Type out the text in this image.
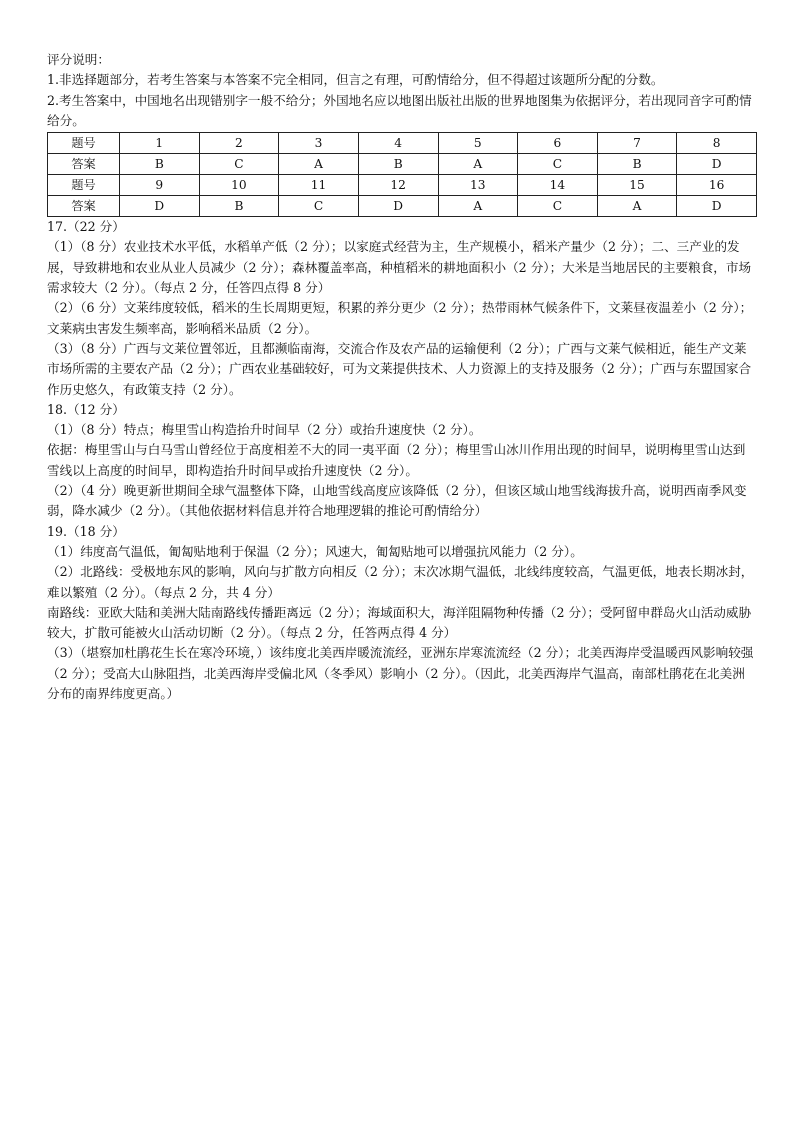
评分说明：
1.非选择题部分，若考生答案与本答案不完全相同，但言之有理，可酌情给分，但不得超过该题所分配的分数。
2.考生答案中，中国地名出现错别字一般不给分；外国地名应以地图出版社出版的世界地图集为依据评分，若出现同音字可酌情给分。
题号	1	2	3	4	5	6	7	8
答案	B	C	A	B	A	C	B	D
题号	9	10	11	12	13	14	15	16
答案	D	B	C	D	A	C	A	D
17.（22 分）
（1）（8 分）农业技术水平低，水稻单产低（2 分）；以家庭式经营为主，生产规模小，稻米产量少（2 分）；二、三产业的发展，导致耕地和农业从业人员减少（2 分）；森林覆盖率高，种植稻米的耕地面积小（2 分）；大米是当地居民的主要粮食，市场需求较大（2 分）。（每点 2 分，任答四点得 8 分）
（2）（6 分）文莱纬度较低，稻米的生长周期更短，积累的养分更少（2 分）；热带雨林气候条件下，文莱昼夜温差小（2 分）；文莱病虫害发生频率高，影响稻米品质（2 分）。
（3）（8 分）广西与文莱位置邻近，且都濒临南海，交流合作及农产品的运输便利（2 分）；广西与文莱气候相近，能生产文莱市场所需的主要农产品（2 分）；广西农业基础较好，可为文莱提供技术、人力资源上的支持及服务（2 分）；广西与东盟国家合作历史悠久，有政策支持（2 分）。
18.（12 分）
（1）（8 分）特点；梅里雪山构造抬升时间早（2 分）或抬升速度快（2 分）。
依据：梅里雪山与白马雪山曾经位于高度相差不大的同一夷平面（2 分）；梅里雪山冰川作用出现的时间早，说明梅里雪山达到雪线以上高度的时间早，即构造抬升时间早或抬升速度快（2 分）。
（2）（4 分）晚更新世期间全球气温整体下降，山地雪线高度应该降低（2 分），但该区域山地雪线海拔升高，说明西南季风变弱，降水减少（2 分）。（其他依据材料信息并符合地理逻辑的推论可酌情给分）
19.（18 分）
（1）纬度高气温低，匍匐贴地利于保温（2 分）；风速大，匍匐贴地可以增强抗风能力（2 分）。
（2）北路线：受极地东风的影响，风向与扩散方向相反（2 分）；末次冰期气温低，北线纬度较高，气温更低，地表长期冰封，难以繁殖（2 分）。（每点 2 分，共 4 分）
南路线：亚欧大陆和美洲大陆南路线传播距离远（2 分）；海域面积大，海洋阻隔物种传播（2 分）；受阿留申群岛火山活动威胁较大，扩散可能被火山活动切断（2 分）。（每点 2 分，任答两点得 4 分）
（3）（堪察加杜鹃花生长在寒冷环境，）该纬度北美西岸暖流流经，亚洲东岸寒流流经（2 分）；北美西海岸受温暖西风影响较强（2 分）；受高大山脉阻挡，北美西海岸受偏北风（冬季风）影响小（2 分）。（因此，北美西海岸气温高，南部杜鹃花在北美洲分布的南界纬度更高。）
